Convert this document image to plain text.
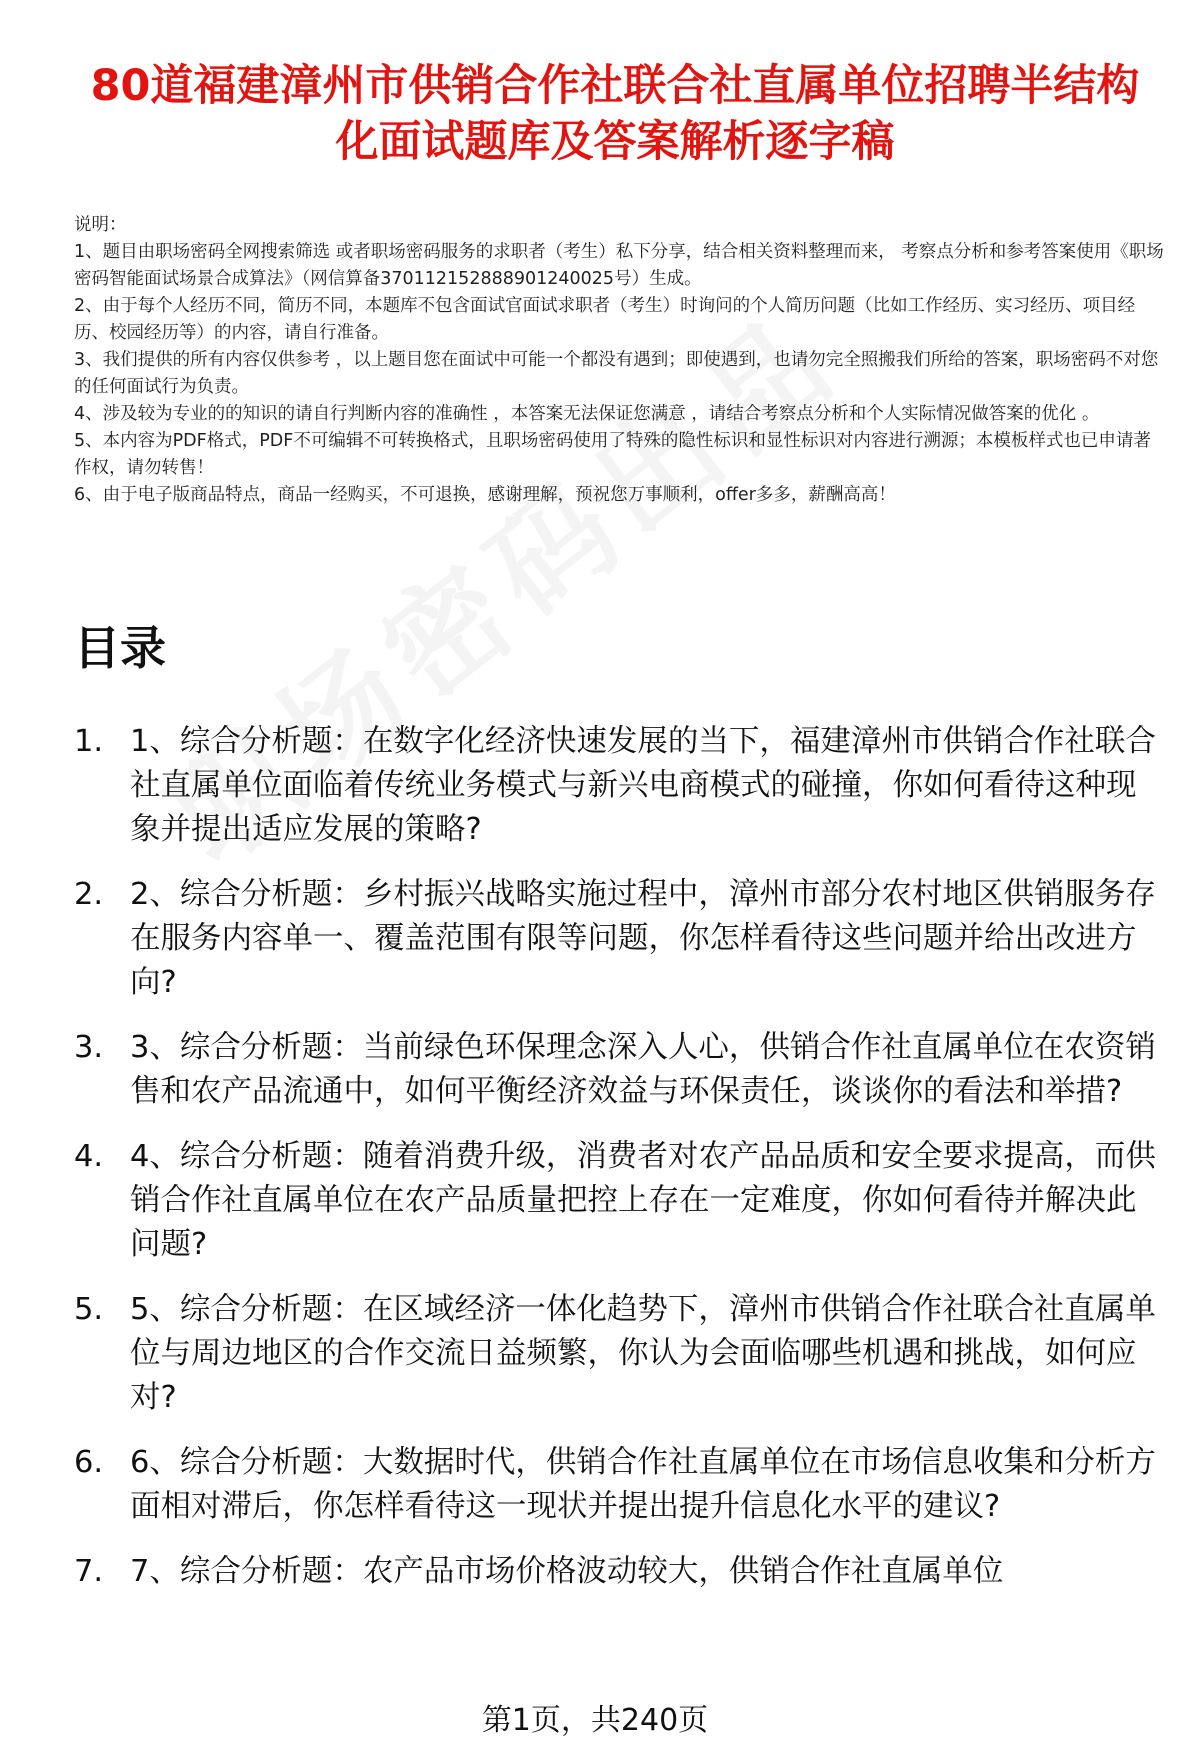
80道福建漳州市供销合作社联合社直属单位招聘半结构化面试题库及答案解析逐字稿

说明：

1、题目由职场密码全网搜索筛选 或者职场密码服务的求职者（考生）私下分享，结合相关资料整理而来， 考察点分析和参考答案使用《职场密码智能面试场景合成算法》（网信算备370112152888901240025号）生成。

2、由于每个人经历不同，简历不同，本题库不包含面试官面试求职者（考生）时询问的个人简历问题（比如工作经历、实习经历、项目经历、校园经历等）的内容，请自行准备。

3、我们提供的所有内容仅供参考 ，以上题目您在面试中可能一个都没有遇到；即使遇到，也请勿完全照搬我们所给的答案，职场密码不对您的任何面试行为负责。

4、涉及较为专业的的知识的请自行判断内容的准确性 ，本答案无法保证您满意 ，请结合考察点分析和个人实际情况做答案的优化 。

5、本内容为PDF格式，PDF不可编辑不可转换格式，且职场密码使用了特殊的隐性标识和显性标识对内容进行溯源；本模板样式也已申请著作权，请勿转售！

6、由于电子版商品特点，商品一经购买，不可退换，感谢理解，预祝您万事顺利，offer多多，薪酬高高！

目录
1. 1、综合分析题：在数字化经济快速发展的当下，福建漳州市供销合作社联合社直属单位面临着传统业务模式与新兴电商模式的碰撞，你如何看待这种现象并提出适应发展的策略?
2. 2、综合分析题：乡村振兴战略实施过程中，漳州市部分农村地区供销服务存在服务内容单一、覆盖范围有限等问题，你怎样看待这些问题并给出改进方向?
3. 3、综合分析题：当前绿色环保理念深入人心，供销合作社直属单位在农资销售和农产品流通中，如何平衡经济效益与环保责任，谈谈你的看法和举措?
4. 4、综合分析题：随着消费升级，消费者对农产品品质和安全要求提高，而供销合作社直属单位在农产品质量把控上存在一定难度，你如何看待并解决此问题?
5. 5、综合分析题：在区域经济一体化趋势下，漳州市供销合作社联合社直属单位与周边地区的合作交流日益频繁，你认为会面临哪些机遇和挑战，如何应对?
6. 6、综合分析题：大数据时代，供销合作社直属单位在市场信息收集和分析方面相对滞后，你怎样看待这一现状并提出提升信息化水平的建议?
7. 7、综合分析题：农产品市场价格波动较大，供销合作社直属单位
第1页，共240页
